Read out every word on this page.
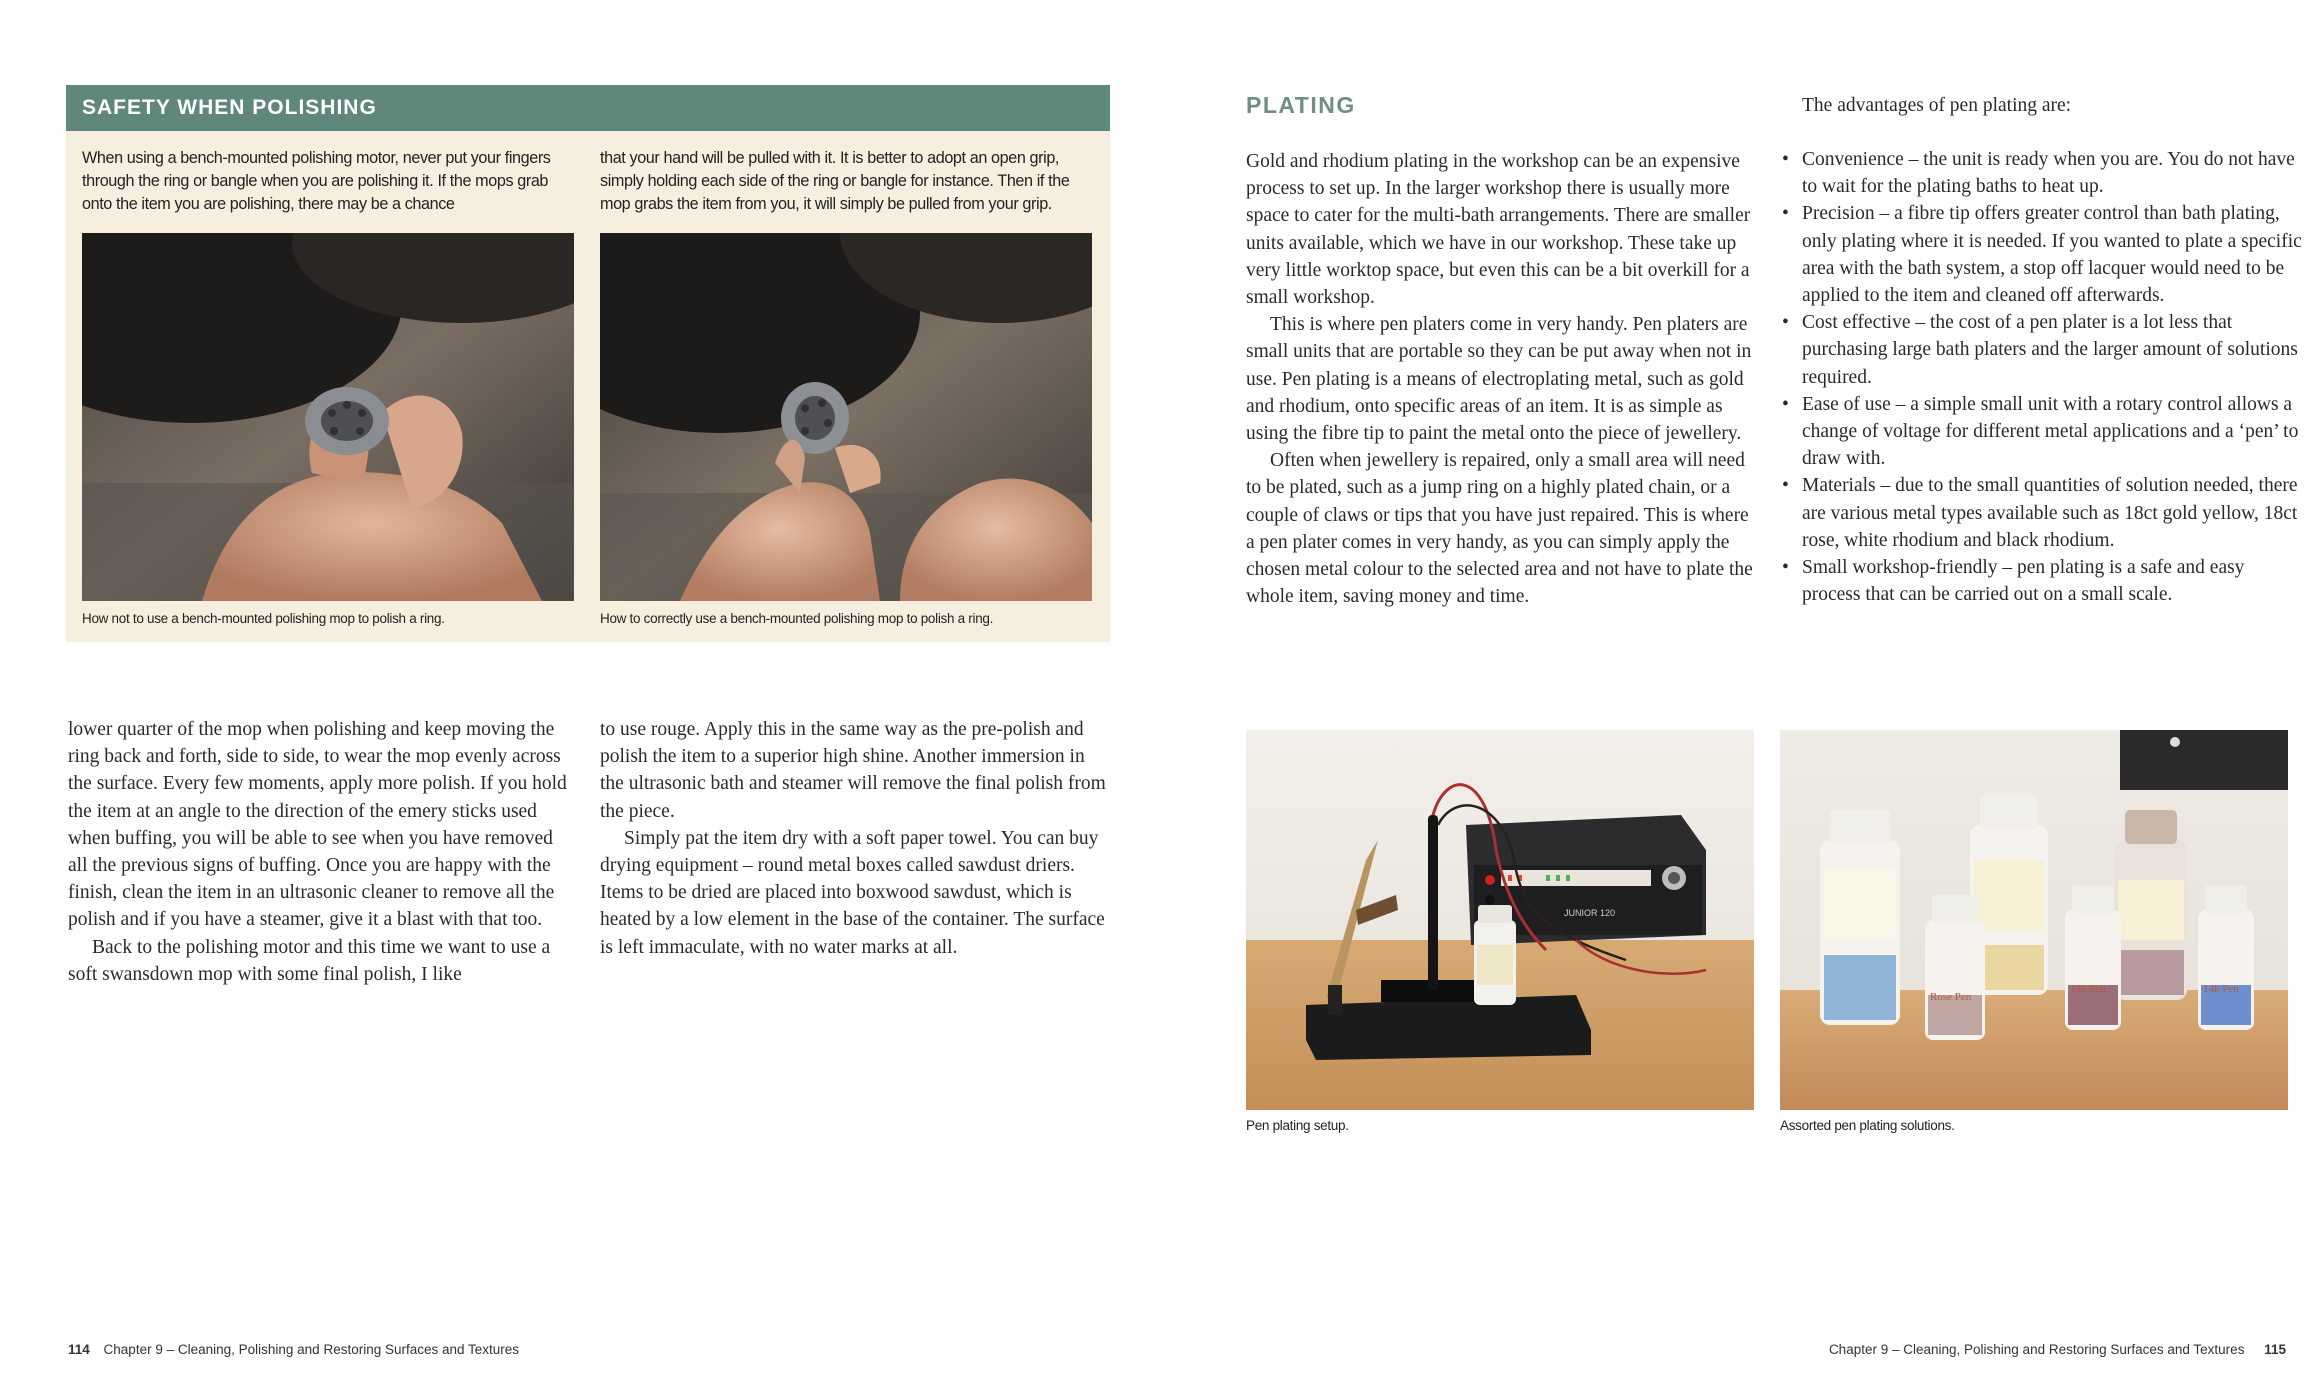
SAFETY WHEN POLISHING
When using a bench-mounted polishing motor, never put your fingers through the ring or bangle when you are polishing it. If the mops grab onto the item you are polishing, there may be a chance
that your hand will be pulled with it. It is better to adopt an open grip, simply holding each side of the ring or bangle for instance. Then if the mop grabs the item from you, it will simply be pulled from your grip.
How not to use a bench-mounted polishing mop to polish a ring.	How to correctly use a bench-mounted polishing mop to polish a ring.

lower quarter of the mop when polishing and keep moving the ring back and forth, side to side, to wear the mop evenly across the surface. Every few moments, apply more polish. If you hold the item at an angle to the direction of the emery sticks used when buffing, you will be able to see when you have removed all the previous signs of buffing. Once you are happy with the finish, clean the item in an ultrasonic cleaner to remove all the polish and if you have a steamer, give it a blast with that too.

Back to the polishing motor and this time we want to use a soft swansdown mop with some final polish, I like

to use rouge. Apply this in the same way as the pre-polish and polish the item to a superior high shine. Another immersion in the ultrasonic bath and steamer will remove the final polish from the piece.

Simply pat the item dry with a soft paper towel. You can buy drying equipment – round metal boxes called sawdust driers. Items to be dried are placed into boxwood sawdust, which is heated by a low element in the base of the container. The surface is left immaculate, with no water marks at all.

PLATING

Gold and rhodium plating in the workshop can be an expensive process to set up. In the larger workshop there is usually more space to cater for the multi-bath arrangements. There are smaller units available, which we have in our workshop. These take up very little worktop space, but even this can be a bit overkill for a small workshop.

This is where pen platers come in very handy. Pen platers are small units that are portable so they can be put away when not in use. Pen plating is a means of electroplating metal, such as gold and rhodium, onto specific areas of an item. It is as simple as using the fibre tip to paint the metal onto the piece of jewellery.

Often when jewellery is repaired, only a small area will need to be plated, such as a jump ring on a highly plated chain, or a couple of claws or tips that you have just repaired. This is where a pen plater comes in very handy, as you can simply apply the chosen metal colour to the selected area and not have to plate the whole item, saving money and time.

The advantages of pen plating are:
• Convenience – the unit is ready when you are. You do not have to wait for the plating baths to heat up.
• Precision – a fibre tip offers greater control than bath plating, only plating where it is needed. If you wanted to plate a specific area with the bath system, a stop off lacquer would need to be applied to the item and cleaned off afterwards.
• Cost effective – the cost of a pen plater is a lot less that purchasing large bath platers and the larger amount of solutions required.
• Ease of use – a simple small unit with a rotary control allows a change of voltage for different metal applications and a ‘pen’ to draw with.
• Materials – due to the small quantities of solution needed, there are various metal types available such as 18ct gold yellow, 18ct rose, white rhodium and black rhodium.
• Small workshop-friendly – pen plating is a safe and easy process that can be carried out on a small scale.
JUNIOR 120
Rose Pen
14k Pen	14k Pen
Pen plating setup.	Assorted pen plating solutions.
114 Chapter 9 – Cleaning, Polishing and Restoring Surfaces and Textures	Chapter 9 – Cleaning, Polishing and Restoring Surfaces and Textures 115
